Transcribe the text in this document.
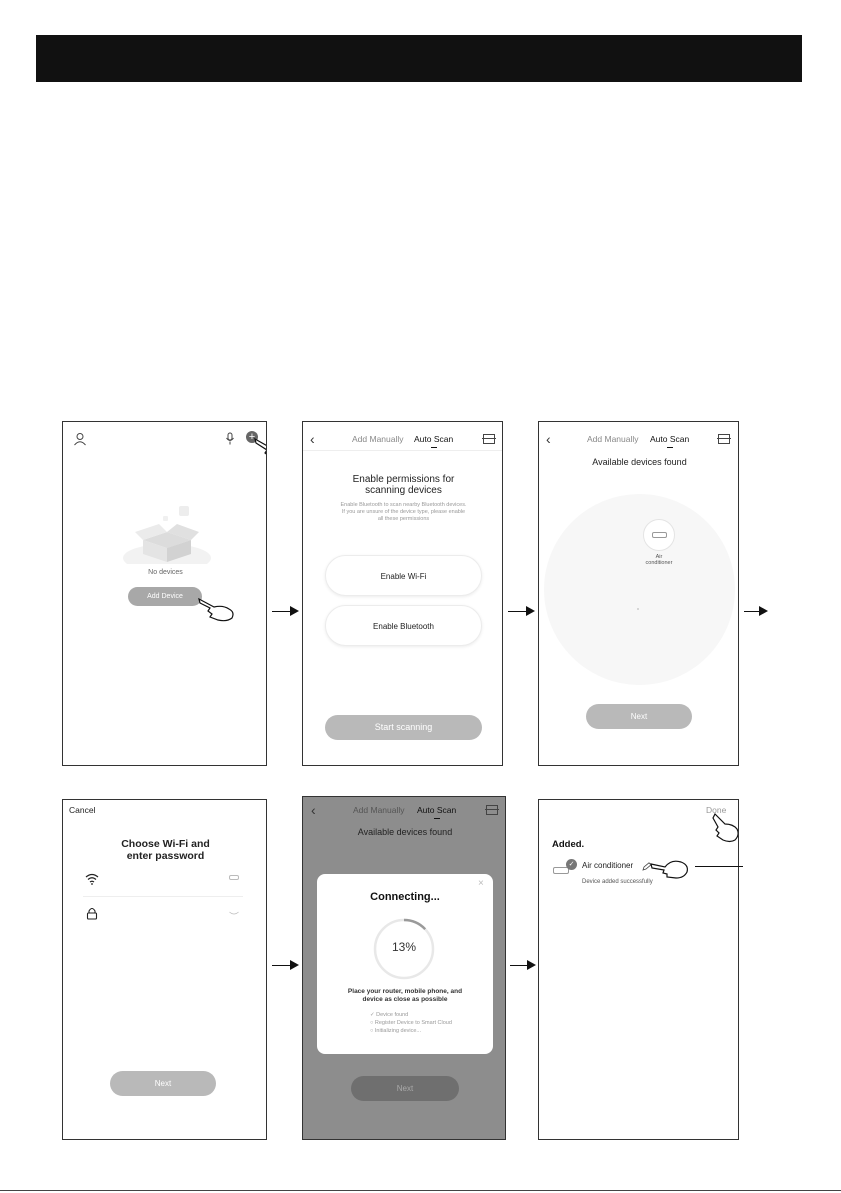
+
No devices
Add Device
‹	Add Manually Auto Scan
Enable permissions for
scanning devices
Enable Bluetooth to scan nearby Bluetooth devices.
If you are unsure of the device type, please enable
all these permissions
Enable Wi-Fi
Enable Bluetooth
Start scanning
‹	Add Manually Auto Scan
Available devices found
Air
conditioner
Next
Cancel
Choose Wi-Fi and
enter password
Next
‹	Add Manually Auto Scan
Available devices found
×
Connecting...
13%
Place your router, mobile phone, and
device as close as possible
✓ Device found
○ Register Device to Smart Cloud
○ Initializing device...
Next
Done
Added.
✓ Air conditioner
Device added successfully
